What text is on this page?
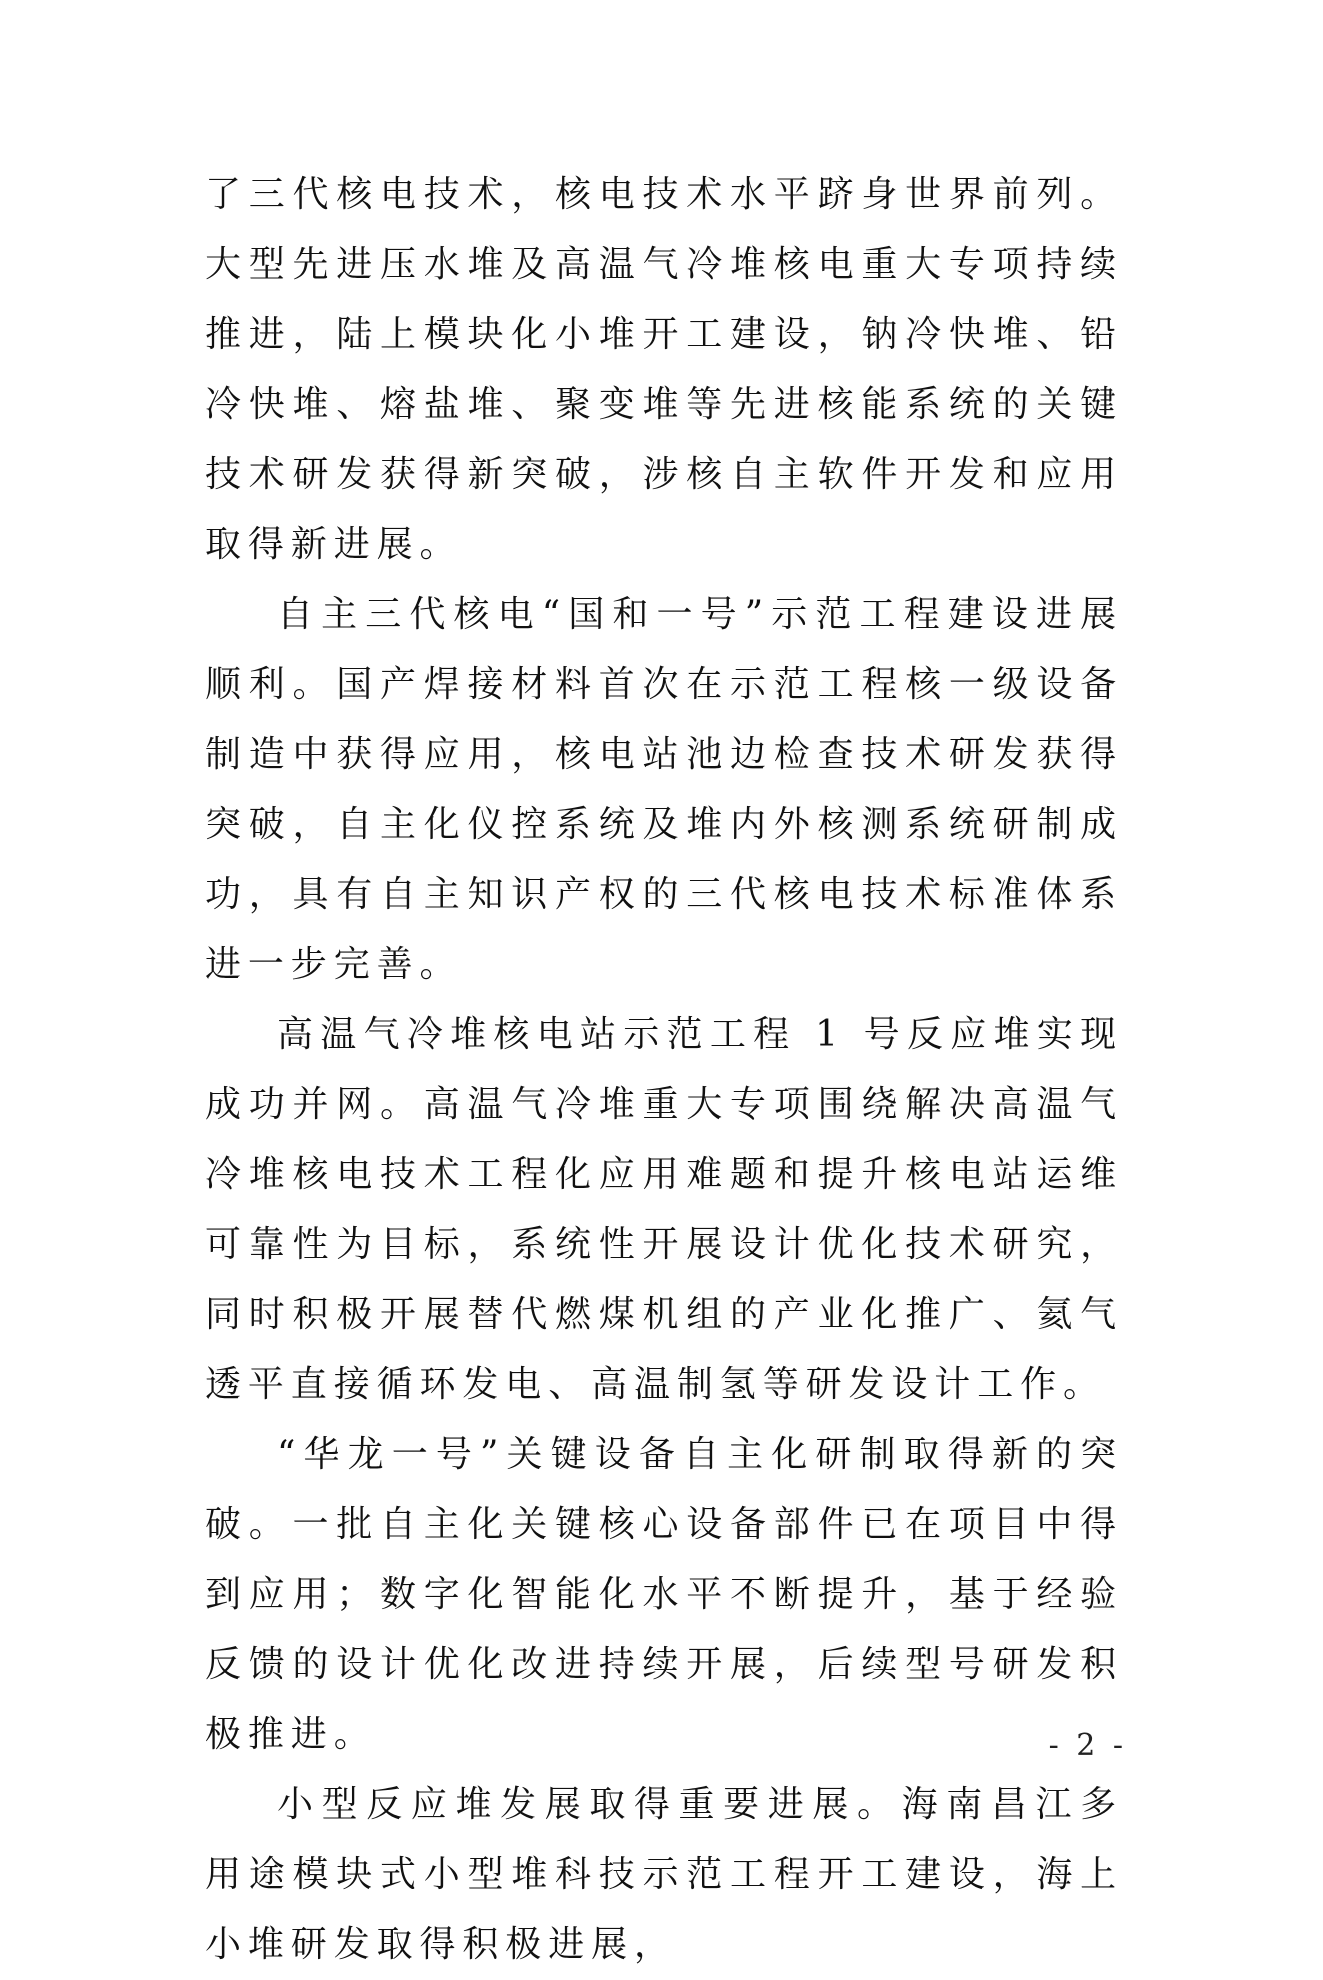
了三代核电技术，核电技术水平跻身世界前列。大型先进压水堆及高温气冷堆核电重大专项持续推进，陆上模块化小堆开工建设，钠冷快堆、铅冷快堆、熔盐堆、聚变堆等先进核能系统的关键技术研发获得新突破，涉核自主软件开发和应用取得新进展。

自主三代核电“国和一号”示范工程建设进展顺利。国产焊接材料首次在示范工程核一级设备制造中获得应用，核电站池边检查技术研发获得突破，自主化仪控系统及堆内外核测系统研制成功，具有自主知识产权的三代核电技术标准体系进一步完善。

高温气冷堆核电站示范工程 1 号反应堆实现成功并网。高温气冷堆重大专项围绕解决高温气冷堆核电技术工程化应用难题和提升核电站运维可靠性为目标，系统性开展设计优化技术研究，同时积极开展替代燃煤机组的产业化推广、氦气透平直接循环发电、高温制氢等研发设计工作。

“华龙一号”关键设备自主化研制取得新的突破。一批自主化关键核心设备部件已在项目中得到应用；数字化智能化水平不断提升，基于经验反馈的设计优化改进持续开展，后续型号研发积极推进。

小型反应堆发展取得重要进展。海南昌江多用途模块式小型堆科技示范工程开工建设，海上小堆研发取得积极进展，

- 2 -
